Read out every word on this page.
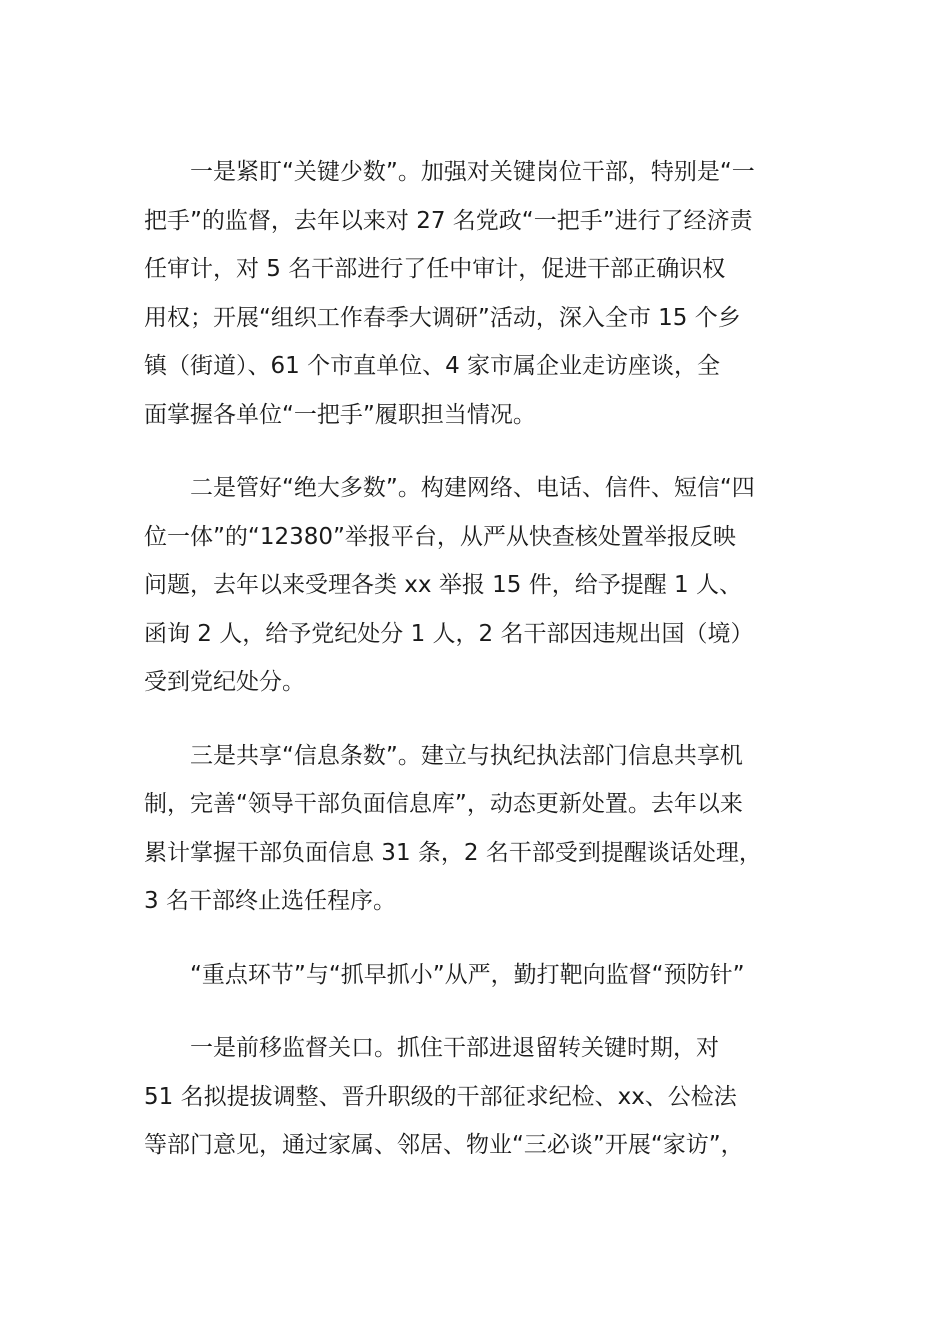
一是紧盯“关键少数”。加强对关键岗位干部，特别是“一
把手”的监督，去年以来对 27 名党政“一把手”进行了经济责
任审计，对 5 名干部进行了任中审计，促进干部正确识权
用权；开展“组织工作春季大调研”活动，深入全市 15 个乡
镇（街道）、61 个市直单位、4 家市属企业走访座谈，全
面掌握各单位“一把手”履职担当情况。
二是管好“绝大多数”。构建网络、电话、信件、短信“四
位一体”的“12380”举报平台，从严从快查核处置举报反映
问题，去年以来受理各类 xx 举报 15 件，给予提醒 1 人、
函询 2 人，给予党纪处分 1 人，2 名干部因违规出国（境）
受到党纪处分。
三是共享“信息条数”。建立与执纪执法部门信息共享机
制，完善“领导干部负面信息库”，动态更新处置。去年以来
累计掌握干部负面信息 31 条，2 名干部受到提醒谈话处理，
3 名干部终止选任程序。
“重点环节”与“抓早抓小”从严，勤打靶向监督“预防针”
一是前移监督关口。抓住干部进退留转关键时期，对
51 名拟提拔调整、晋升职级的干部征求纪检、xx、公检法
等部门意见，通过家属、邻居、物业“三必谈”开展“家访”，
